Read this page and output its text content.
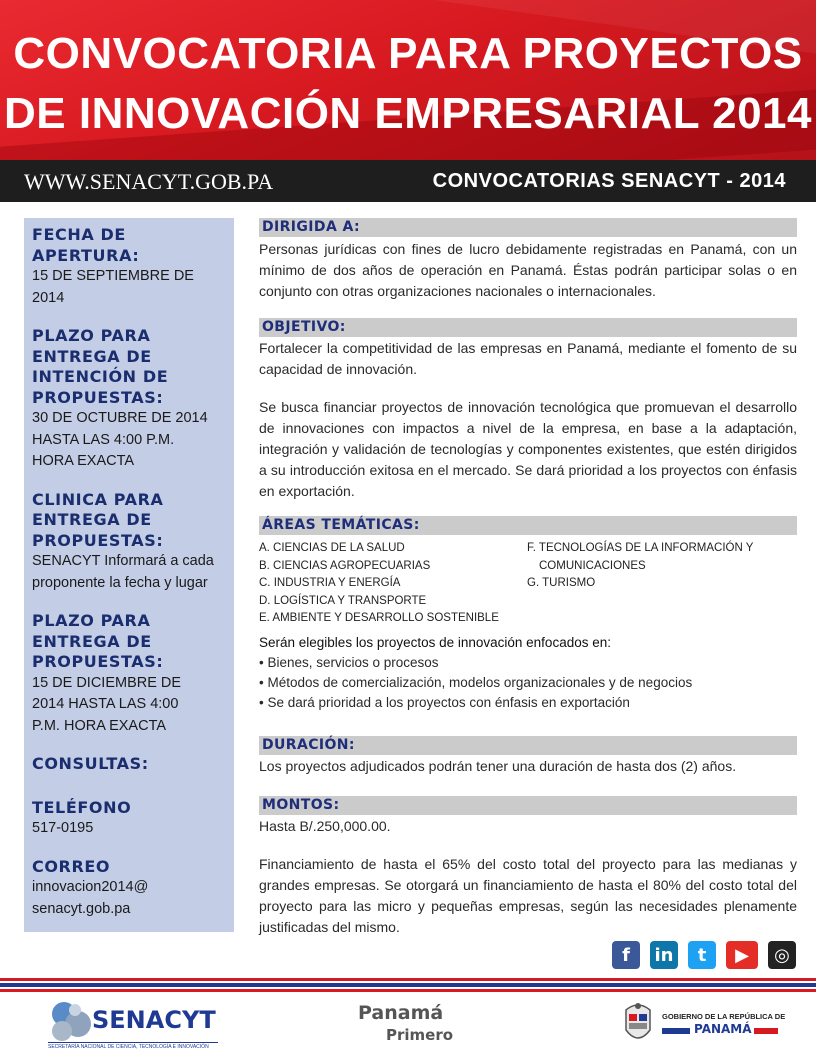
CONVOCATORIA PARA PROYECTOS
DE INNOVACIÓN EMPRESARIAL 2014
WWW.SENACYT.GOB.PA	CONVOCATORIAS SENACYT - 2014
FECHA DE
APERTURA:
15 DE SEPTIEMBRE DE
2014
PLAZO PARA
ENTREGA DE
INTENCIÓN DE
PROPUESTAS:
30 DE OCTUBRE DE 2014
HASTA LAS 4:00 P.M.
HORA EXACTA
CLINICA PARA
ENTREGA DE
PROPUESTAS:
SENACYT Informará a cada
proponente la fecha y lugar
PLAZO PARA
ENTREGA DE
PROPUESTAS:
15 DE DICIEMBRE DE
2014 HASTA LAS 4:00
P.M. HORA EXACTA
CONSULTAS:
TELÉFONO
517-0195
CORREO
innovacion2014@
senacyt.gob.pa
DIRIGIDA A:
Personas jurídicas con fines de lucro debidamente registradas en Panamá, con un mínimo de dos años de operación en Panamá. Éstas podrán participar solas o en conjunto con otras organizaciones nacionales o internacionales.
OBJETIVO:
Fortalecer la competitividad de las empresas en Panamá, mediante el fomento de su capacidad de innovación.
Se busca financiar proyectos de innovación tecnológica que promuevan el desarrollo de innovaciones con impactos a nivel de la empresa, en base a la adaptación, integración y validación de tecnologías y componentes existentes, que estén dirigidos a su introducción exitosa en el mercado. Se dará prioridad a los proyectos con énfasis en exportación.
ÁREAS TEMÁTICAS:
A. CIENCIAS DE LA SALUD
B. CIENCIAS AGROPECUARIAS
C. INDUSTRIA Y ENERGÍA
D. LOGÍSTICA Y TRANSPORTE
E. AMBIENTE Y DESARROLLO SOSTENIBLE
F. TECNOLOGÍAS DE LA INFORMACIÓN Y
COMUNICACIONES
G. TURISMO
Serán elegibles los proyectos de innovación enfocados en:
• Bienes, servicios o procesos
• Métodos de comercialización, modelos organizacionales y de negocios
• Se dará prioridad a los proyectos con énfasis en exportación
DURACIÓN:
Los proyectos adjudicados podrán tener una duración de hasta dos (2) años.
MONTOS:
Hasta B/.250,000.00.
Financiamiento de hasta el 65% del costo total del proyecto para las medianas y grandes empresas. Se otorgará un financiamiento de hasta el 80% del costo total del proyecto para las micro y pequeñas empresas, según las necesidades plenamente justificadas del mismo.
f	in	t	▶	◎
SENACYT
SECRETARÍA NACIONAL DE CIENCIA, TECNOLOGÍA E INNOVACIÓN
Panamá
Primero
GOBIERNO DE LA REPÚBLICA DE
PANAMÁ
